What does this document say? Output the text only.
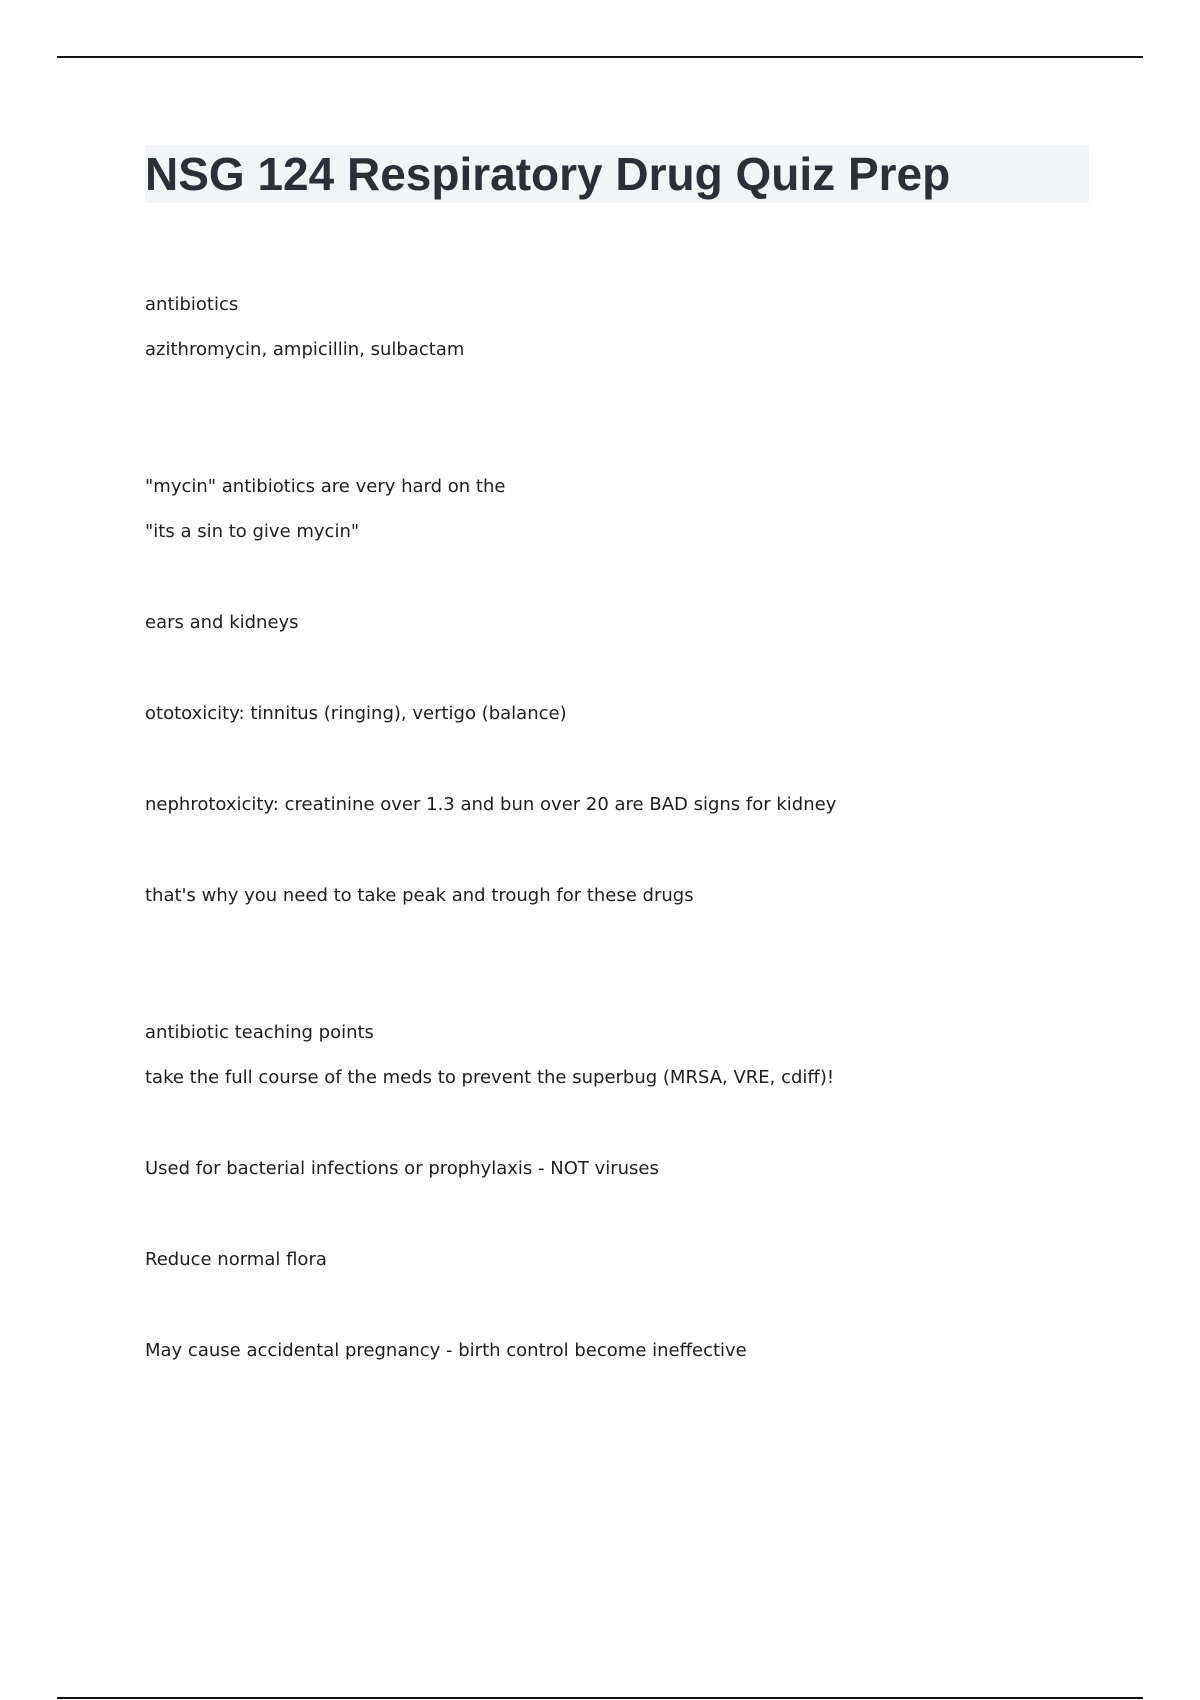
NSG 124 Respiratory Drug Quiz Prep

antibiotics

azithromycin, ampicillin, sulbactam

"mycin" antibiotics are very hard on the

"its a sin to give mycin"

ears and kidneys

ototoxicity: tinnitus (ringing), vertigo (balance)

nephrotoxicity: creatinine over 1.3 and bun over 20 are BAD signs for kidney

that's why you need to take peak and trough for these drugs

antibiotic teaching points

take the full course of the meds to prevent the superbug (MRSA, VRE, cdiff)!

Used for bacterial infections or prophylaxis - NOT viruses

Reduce normal flora

May cause accidental pregnancy - birth control become ineffective
